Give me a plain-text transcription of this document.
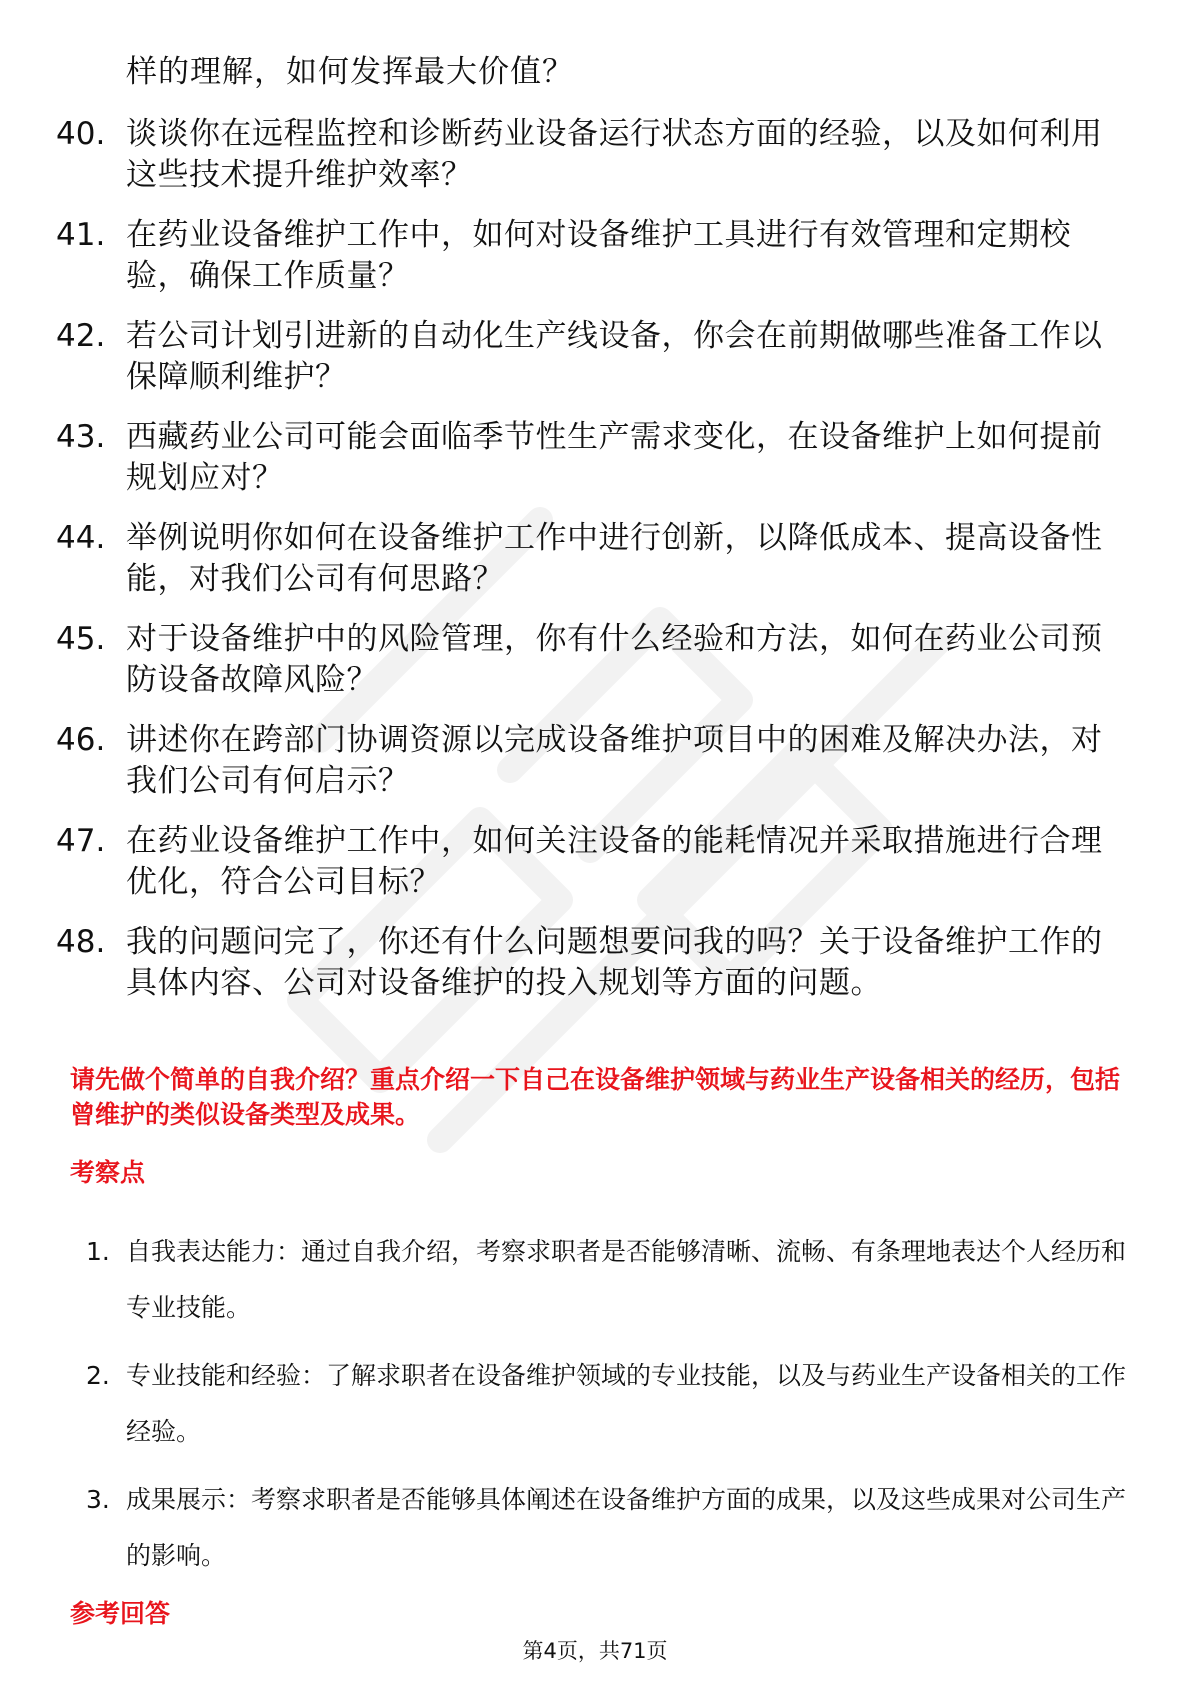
样的理解，如何发挥最大价值？
40. 谈谈你在远程监控和诊断药业设备运行状态方面的经验，以及如何利用这些技术提升维护效率？
41. 在药业设备维护工作中，如何对设备维护工具进行有效管理和定期校验，确保工作质量？
42. 若公司计划引进新的自动化生产线设备，你会在前期做哪些准备工作以保障顺利维护？
43. 西藏药业公司可能会面临季节性生产需求变化，在设备维护上如何提前规划应对？
44. 举例说明你如何在设备维护工作中进行创新，以降低成本、提高设备性能，对我们公司有何思路？
45. 对于设备维护中的风险管理，你有什么经验和方法，如何在药业公司预防设备故障风险？
46. 讲述你在跨部门协调资源以完成设备维护项目中的困难及解决办法，对我们公司有何启示？
47. 在药业设备维护工作中，如何关注设备的能耗情况并采取措施进行合理优化，符合公司目标？
48. 我的问题问完了，你还有什么问题想要问我的吗？关于设备维护工作的具体内容、公司对设备维护的投入规划等方面的问题。
请先做个简单的自我介绍？重点介绍一下自己在设备维护领域与药业生产设备相关的经历，包括曾维护的类似设备类型及成果。
考察点
1. 自我表达能力：通过自我介绍，考察求职者是否能够清晰、流畅、有条理地表达个人经历和专业技能。
2. 专业技能和经验：了解求职者在设备维护领域的专业技能，以及与药业生产设备相关的工作经验。
3. 成果展示：考察求职者是否能够具体阐述在设备维护方面的成果，以及这些成果对公司生产的影响。
参考回答
第4页，共71页
